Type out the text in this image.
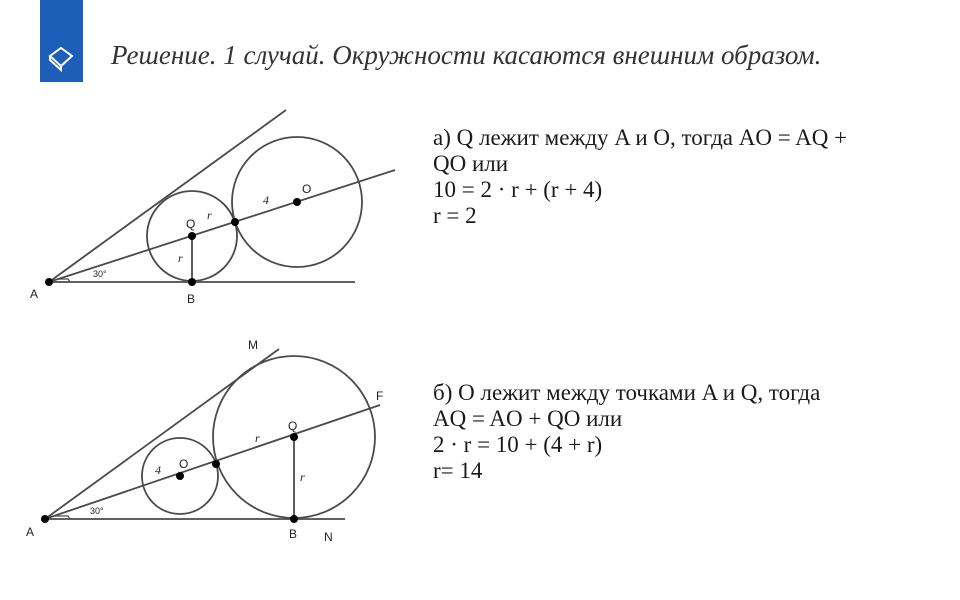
Решение. 1 случай. Окружности касаются внешним образом.
A	B
Q
O
r
r
4
30°
A	B N
M
F
Q
O
r
r
4
30°
а) Q лежит между A и O, тогда AO = AQ +
QO или
10 = 2 · r + (r + 4)
r = 2
б) O лежит между точками A и Q, тогда
AQ = AO + QO или
2 · r = 10 + (4 + r)
r= 14
